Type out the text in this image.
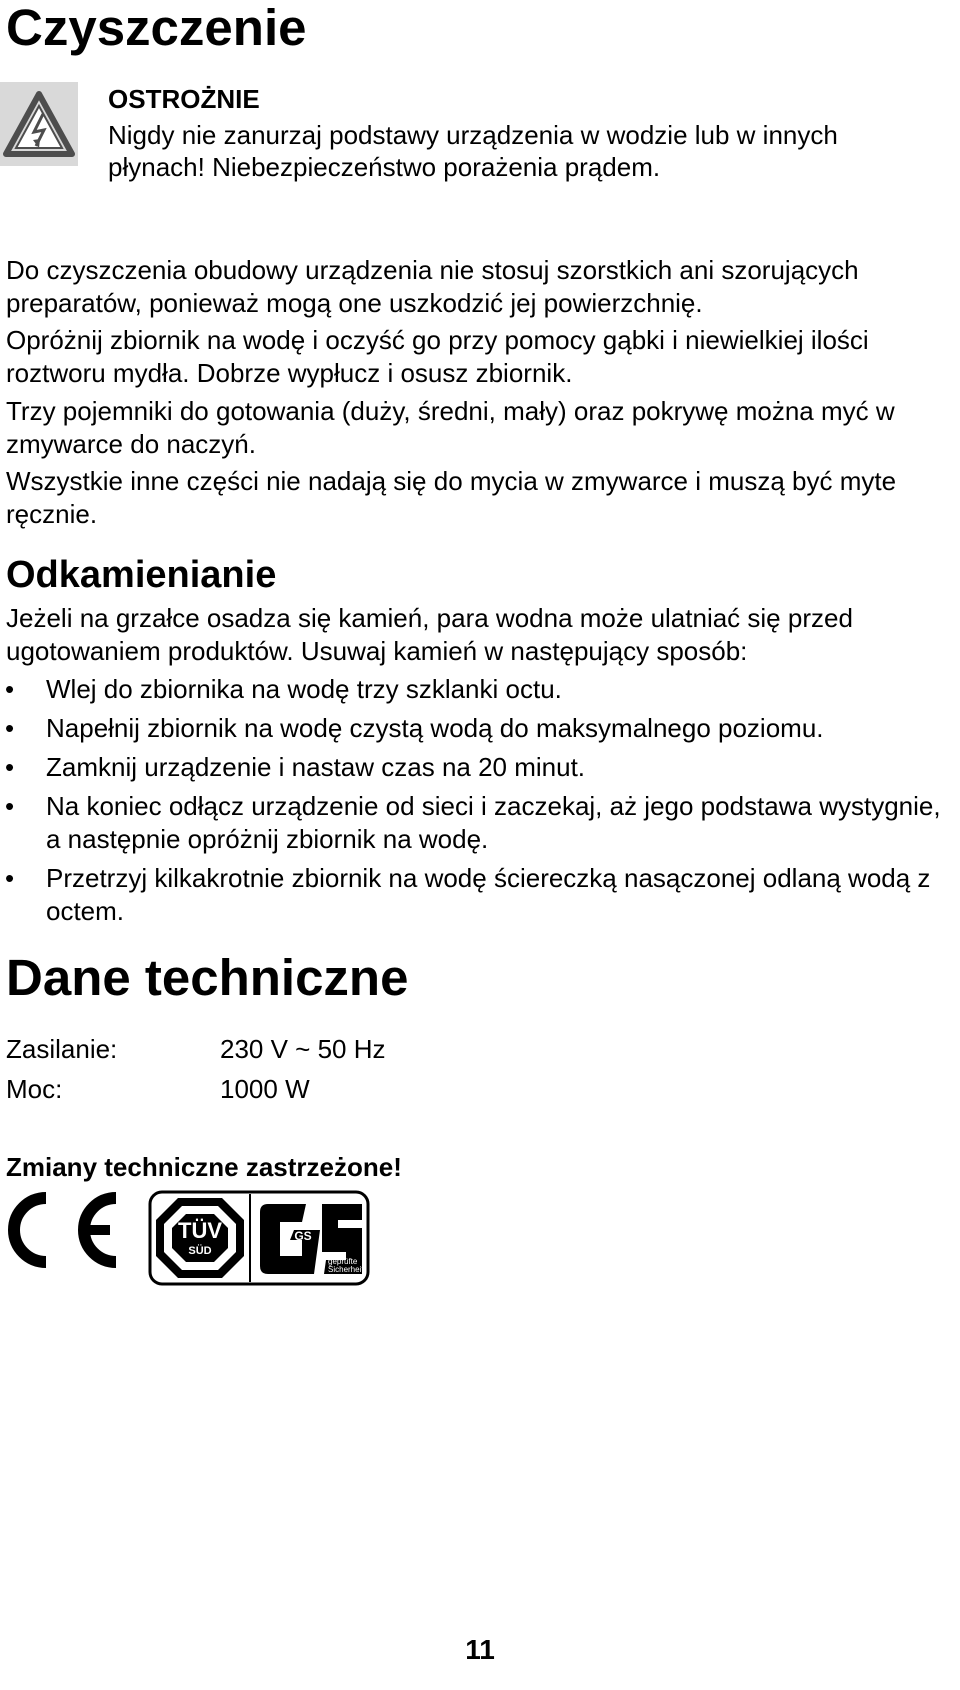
Czyszczenie
OSTROŻNIE
Nigdy nie zanurzaj podstawy urządzenia w wodzie lub w innych płynach! Niebezpieczeństwo porażenia prądem.
Do czyszczenia obudowy urządzenia nie stosuj szorstkich ani szorujących preparatów, ponieważ mogą one uszkodzić jej powierzchnię.
Opróżnij zbiornik na wodę i oczyść go przy pomocy gąbki i niewielkiej ilości roztworu mydła. Dobrze wypłucz i osusz zbiornik.
Trzy pojemniki do gotowania (duży, średni, mały) oraz pokrywę można myć w zmywarce do naczyń.
Wszystkie inne części nie nadają się do mycia w zmywarce i muszą być myte ręcznie.
Odkamienianie
Jeżeli na grzałce osadza się kamień, para wodna może ulatniać się przed ugotowaniem produktów. Usuwaj kamień w następujący sposób:
• Wlej do zbiornika na wodę trzy szklanki octu.
• Napełnij zbiornik na wodę czystą wodą do maksymalnego poziomu.
• Zamknij urządzenie i nastaw czas na 20 minut.
• Na koniec odłącz urządzenie od sieci i zaczekaj, aż jego podstawa wystygnie, a następnie opróżnij zbiornik na wodę.
• Przetrzyj kilkakrotnie zbiornik na wodę ściereczką nasączonej odlaną wodą z octem.
Dane techniczne
Zasilanie:	230 V ~ 50 Hz
Moc:	1000 W
Zmiany techniczne zastrzeżone!
TÜV
SÜD
GS
geprüfte
Sicherheit
11
